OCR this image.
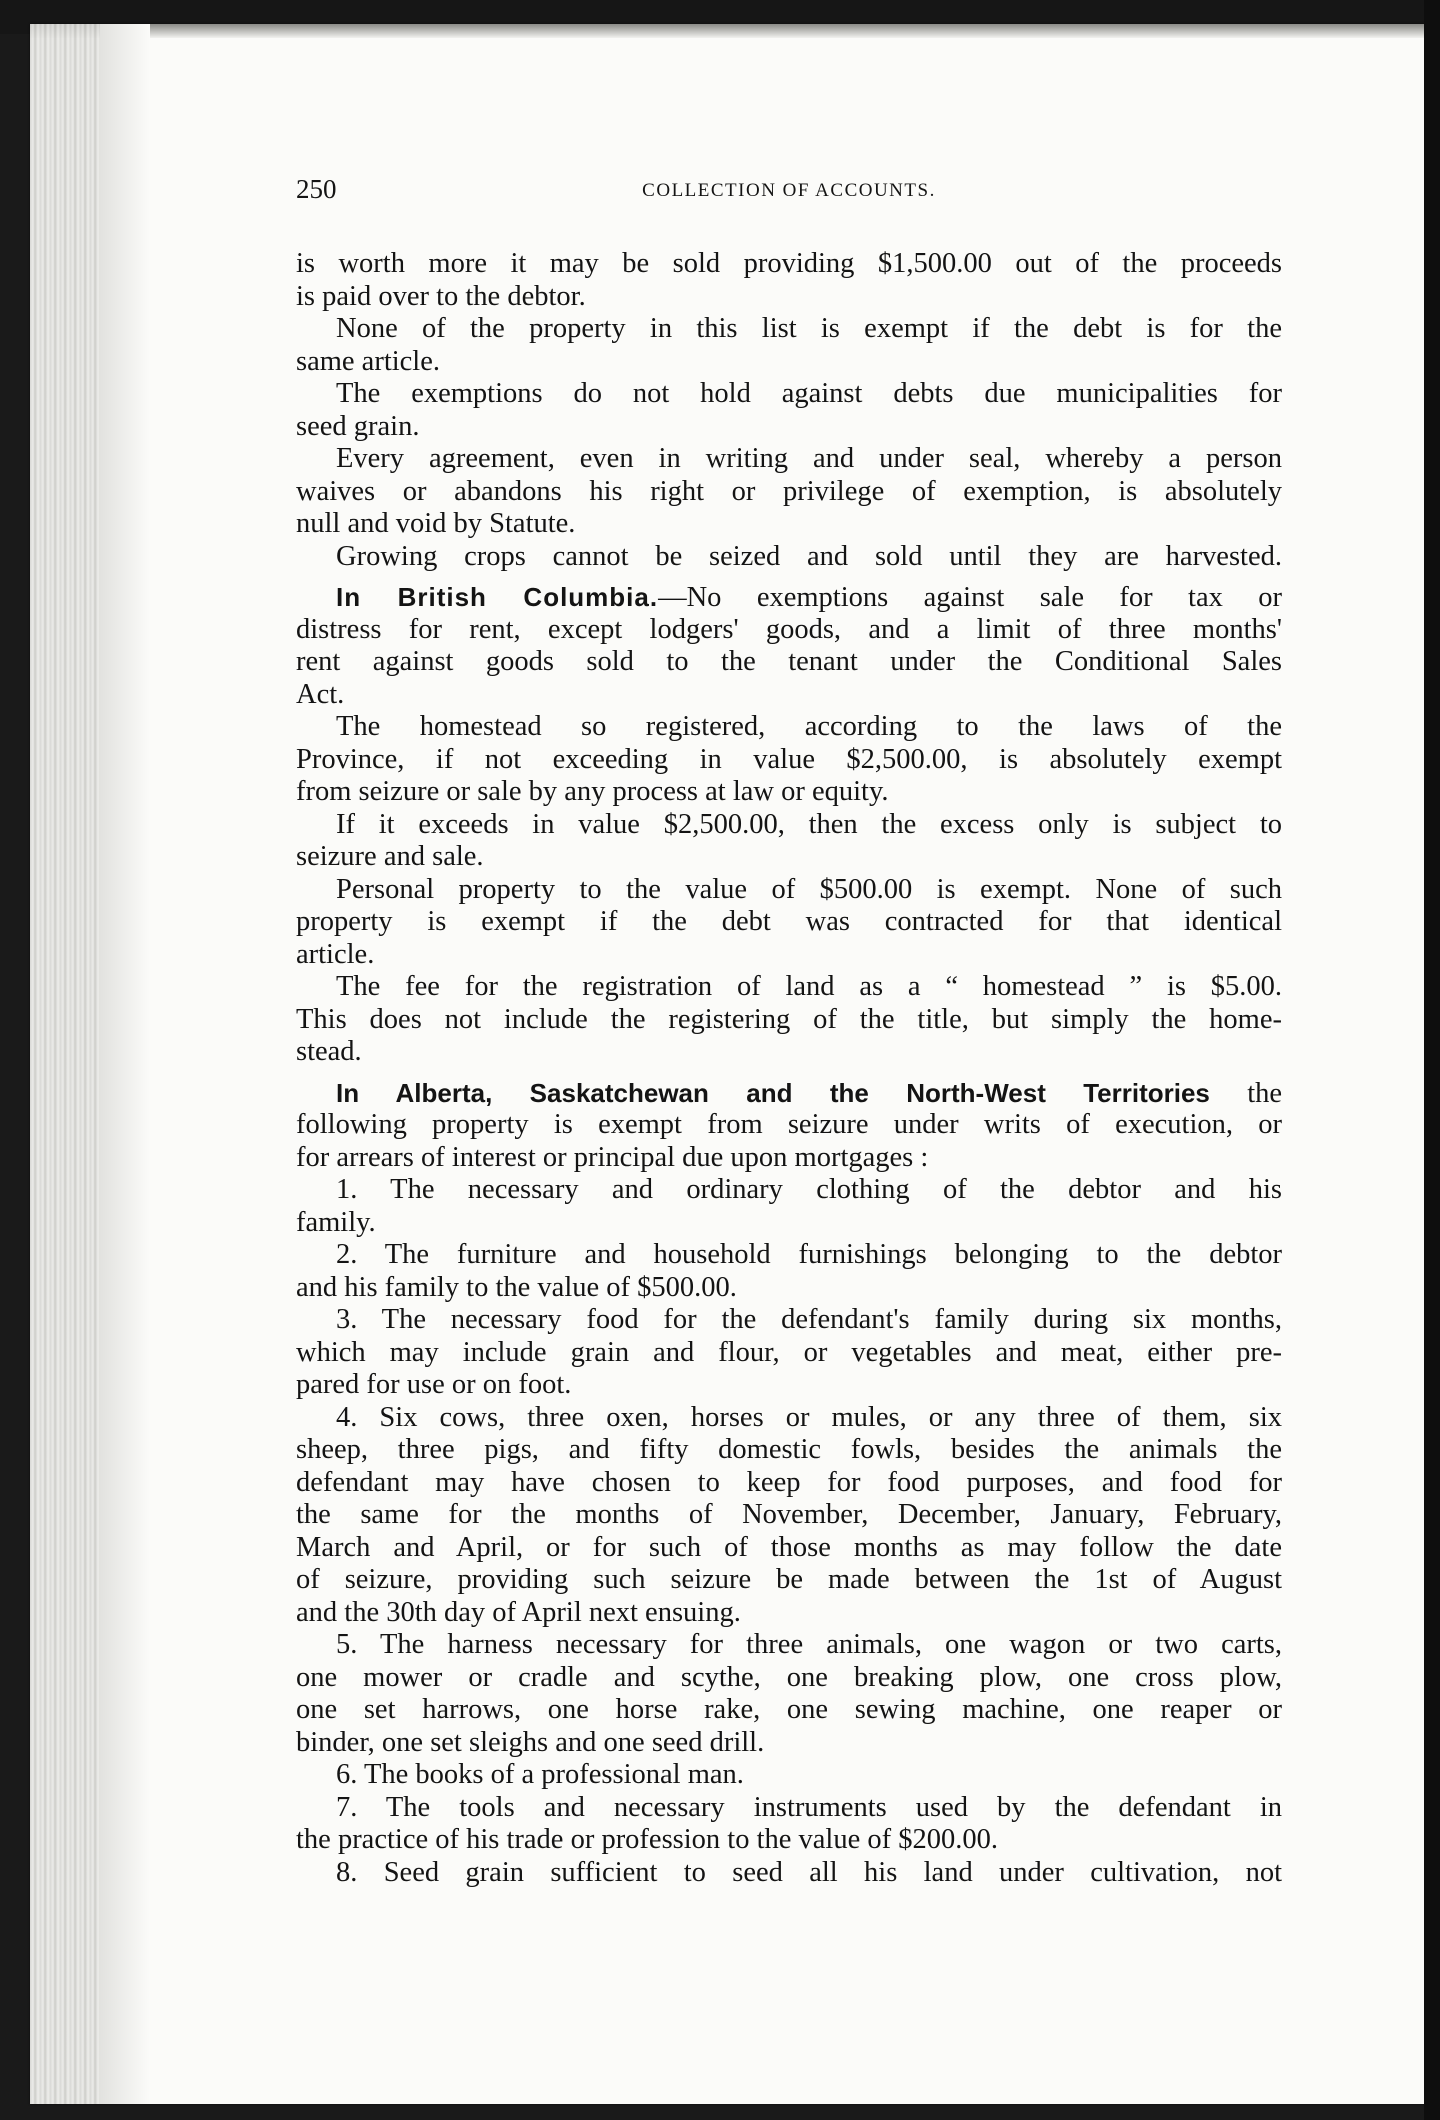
250	COLLECTION OF ACCOUNTS.
is worth more it may be sold providing $1,500.00 out of the proceeds
is paid over to the debtor.
None of the property in this list is exempt if the debt is for the
same article.
The exemptions do not hold against debts due municipalities for
seed grain.
Every agreement, even in writing and under seal, whereby a person
waives or abandons his right or privilege of exemption, is absolutely
null and void by Statute.
Growing crops cannot be seized and sold until they are harvested.
In British Columbia.—No exemptions against sale for tax or
distress for rent, except lodgers' goods, and a limit of three months'
rent against goods sold to the tenant under the Conditional Sales
Act.
The homestead so registered, according to the laws of the
Province, if not exceeding in value $2,500.00, is absolutely exempt
from seizure or sale by any process at law or equity.
If it exceeds in value $2,500.00, then the excess only is subject to
seizure and sale.
Personal property to the value of $500.00 is exempt. None of such
property is exempt if the debt was contracted for that identical
article.
The fee for the registration of land as a “ homestead ” is $5.00.
This does not include the registering of the title, but simply the home-
stead.
In Alberta, Saskatchewan and the North-West Territories the
following property is exempt from seizure under writs of execution, or
for arrears of interest or principal due upon mortgages :
1. The necessary and ordinary clothing of the debtor and his
family.
2. The furniture and household furnishings belonging to the debtor
and his family to the value of $500.00.
3. The necessary food for the defendant's family during six months,
which may include grain and flour, or vegetables and meat, either pre-
pared for use or on foot.
4. Six cows, three oxen, horses or mules, or any three of them, six
sheep, three pigs, and fifty domestic fowls, besides the animals the
defendant may have chosen to keep for food purposes, and food for
the same for the months of November, December, January, February,
March and April, or for such of those months as may follow the date
of seizure, providing such seizure be made between the 1st of August
and the 30th day of April next ensuing.
5. The harness necessary for three animals, one wagon or two carts,
one mower or cradle and scythe, one breaking plow, one cross plow,
one set harrows, one horse rake, one sewing machine, one reaper or
binder, one set sleighs and one seed drill.
6. The books of a professional man.
7. The tools and necessary instruments used by the defendant in
the practice of his trade or profession to the value of $200.00.
8. Seed grain sufficient to seed all his land under cultivation, not
